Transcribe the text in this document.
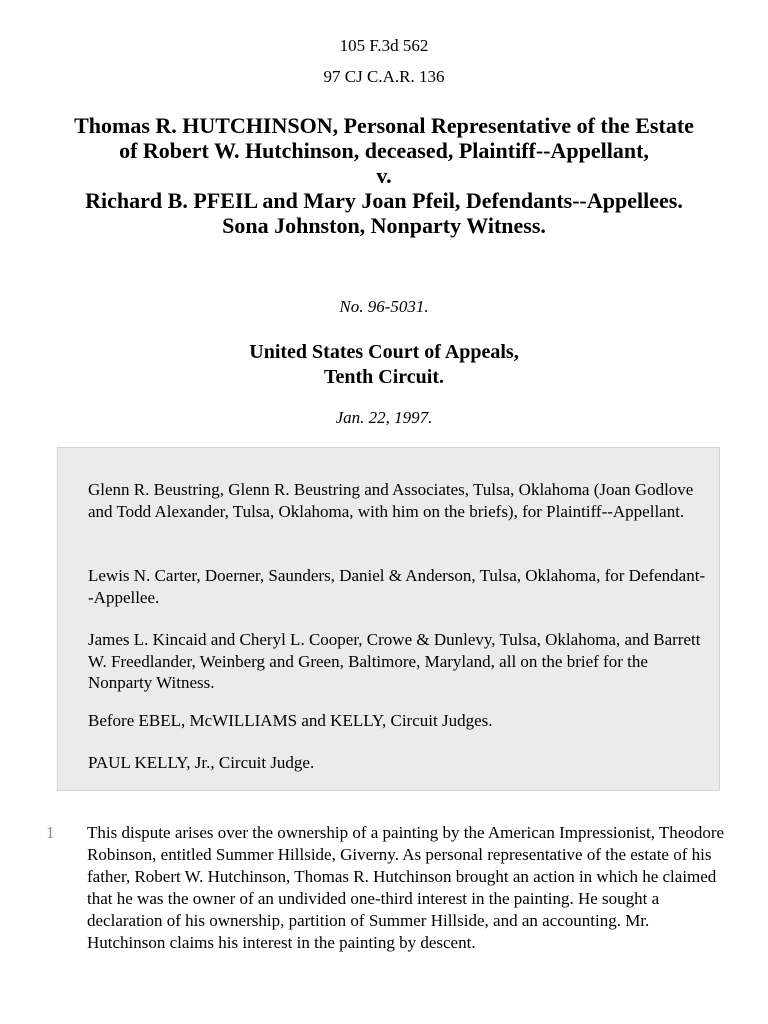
105 F.3d 562
97 CJ C.A.R. 136
Thomas R. HUTCHINSON, Personal Representative of the Estate
of Robert W. Hutchinson, deceased, Plaintiff--Appellant,
v.
Richard B. PFEIL and Mary Joan Pfeil, Defendants--Appellees.
Sona Johnston, Nonparty Witness.
No. 96-5031.
United States Court of Appeals,
Tenth Circuit.
Jan. 22, 1997.
Glenn R. Beustring, Glenn R. Beustring and Associates, Tulsa, Oklahoma (Joan Godlove and Todd Alexander, Tulsa, Oklahoma, with him on the briefs), for Plaintiff--Appellant.
Lewis N. Carter, Doerner, Saunders, Daniel & Anderson, Tulsa, Oklahoma, for Defendant--Appellee.
James L. Kincaid and Cheryl L. Cooper, Crowe & Dunlevy, Tulsa, Oklahoma, and Barrett W. Freedlander, Weinberg and Green, Baltimore, Maryland, all on the brief for the Nonparty Witness.
Before EBEL, McWILLIAMS and KELLY, Circuit Judges.
PAUL KELLY, Jr., Circuit Judge.
1 This dispute arises over the ownership of a painting by the American Impressionist, Theodore Robinson, entitled Summer Hillside, Giverny. As personal representative of the estate of his father, Robert W. Hutchinson, Thomas R. Hutchinson brought an action in which he claimed that he was the owner of an undivided one-third interest in the painting. He sought a declaration of his ownership, partition of Summer Hillside, and an accounting. Mr. Hutchinson claims his interest in the painting by descent.
